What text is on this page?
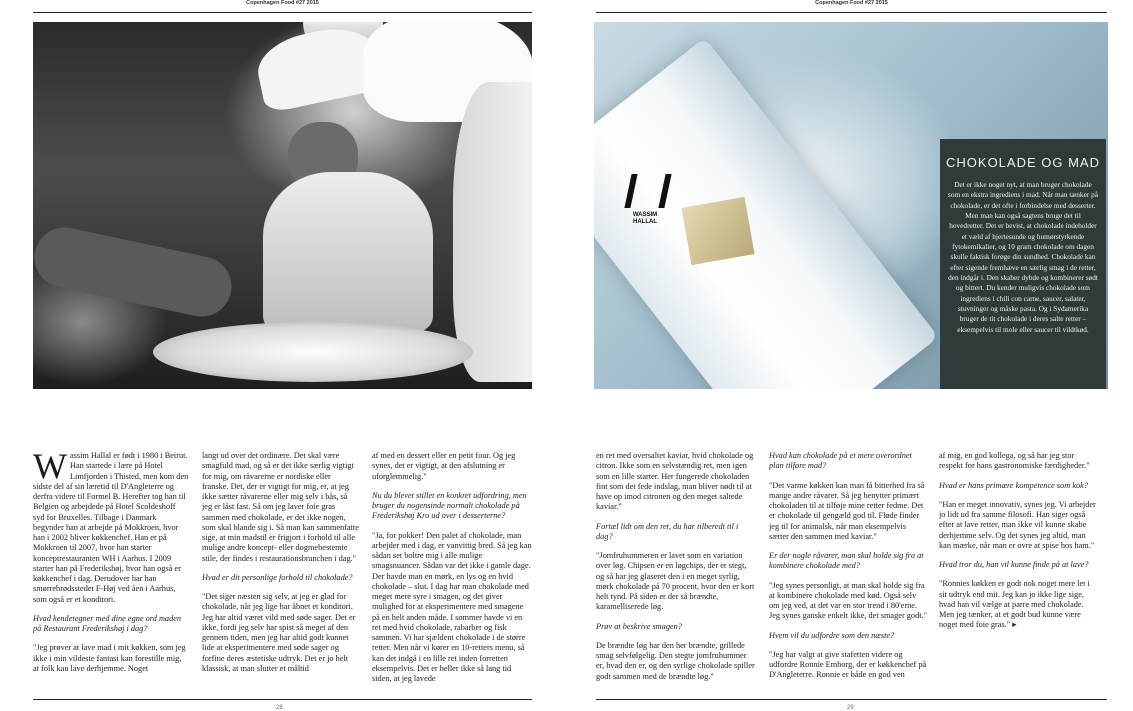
Copenhagen Food #27 2015

Wassim Hallal er født i 1980 i Beirut. Han startede i lære på Hotel Limfjorden i Thisted, men kom den sidste del af sin læretid til D'Angleterre og derfra videre til Formel B. Herefter tog han til Belgien og arbejdede på Hotel Scoldeshoff syd for Bruxelles. Tilbage i Danmark begynder han at arbejde på Mokkroen, hvor han i 2002 bliver køkkenchef. Han er på Mokkroen til 2007, hvor han starter konceptrestauranten WH i Aarhus. I 2009 starter han på Frederikshøj, hvor han også er køkkenchef i dag. Derudover har han smørrebrødsstedet F-Høj ved åen i Aarhus, som også er et konditori.

Hvad kendetegner med dine egne ord maden på Restaurant Frederikshøj i dag?

"Jeg prøver at lave mad i mit køkken, som jeg ikke i min vildeste fantasi kan forestille mig, at folk kan lave derhjemme. Noget

langt ud over det ordinære. Det skal være smagfuld mad, og så er det ikke særlig vigtigt for mig, om råvarerne er nordiske eller franske. Det, der er vigtigt for mig, er, at jeg ikke sætter råvarerne eller mig selv i bås, så jeg er låst fast. Så om jeg laver foie gras sammen med chokolade, er det ikke nogen, som skal blande sig i. Så man kan sammenfatte sige, at min madstil er frigjort i forhold til alle mulige andre koncept- eller dogmebestemte stile, der findes i restaurationsbranchen i dag."

Hvad er dit personlige forhold til chokolade?

"Det siger næsten sig selv, at jeg er glad for chokolade, når jeg lige har åbnet et konditori. Jeg har altid været vild med søde sager. Det er ikke, fordi jeg selv har spist så meget af den gennem tiden, men jeg har altid godt kunnet lide at eksperimentere med søde sager og forfine deres æstetiske udtryk. Det er jo helt klassisk, at man slutter et måltid

af med en dessert eller en petit four. Og jeg synes, det er vigtigt, at den afslutning er uforglemmelig."

Nu du blevet stillet en konkret udfordring, men bruger du nogensinde normalt chokolade på Frederikshøj Kro ud over i desserterne?

"Ja, for pokker! Den palet af chokolade, man arbejder med i dag, er vanvittig bred. Så jeg kan sådan set boltre mig i alle mulige smagsnuancer. Sådan var det ikke i gamle dage. Der havde man en mørk, en lys og en hvid chokolade – slut. I dag har man chokolade med meget mere syre i smagen, og det giver mulighed for at eksperimentere med smagene på en helt anden måde. I sommer havde vi en ret med hvid chokolade, rabarber og fisk sammen. Vi har sjældent chokolade i de større retter. Men når vi kører en 10-retters menu, så kan det indgå i en lille ret inden forretten eksempelvis. Det er heller ikke så lang tid siden, at jeg lavede

28
Copenhagen Food #27 2015
WASSIM HALLAL
CHOKOLADE OG MAD
Det er ikke noget nyt, at man bruger chokolade som en ekstra ingrediens i mad. Når man tænker på chokolade, er det ofte i forbindelse med desserter. Men man kan også sagtens bruge det til hovedretter. Det er bevist, at chokolade indeholder et væld af hjertesunde og humørstyrkende fytokemikalier, og 10 gram chokolade om dagen skulle faktisk forøge din sundhed. Chokolade kan efter sigende fremhæve en særlig smag i de retter, den indgår i. Den skaber dybde og kombinerer sødt og bittert. Du kender muligvis chokolade som ingrediens i chili con carne, saucer, salater, stuvninger og måske pasta. Og i Sydamerika bruger de tit chokolade i deres salte retter – eksempelvis til mole eller saucer til vildtkød.

en ret med oversaltet kaviar, hvid chokolade og citron. Ikke som en selvstændig ret, men igen som en lille starter. Her fungerede chokoladen fint som det fede indslag, man bliver nødt til at have op imod citronen og den meget saltede kaviar."

Fortæl lidt om den ret, du har tilberedt til i dag?

"Jomfruhummeren er lavet som en variation over løg. Chipsen er en løgchips, der er stegt, og så har jeg glaseret den i en meget syrlig, mørk chokolade på 70 procent, hvor den er kort helt tynd. På siden er der så brændte, karamelliserede løg.

Prøv at beskrive smagen?

De brændte løg har den her brændte, grillede smag selvfølgelig. Den stegte jomfruhummer er, hvad den er, og den syrlige chokolade spiller godt sammen med de brændte løg."

Hvad kan chokolade på et mere overordnet plan tilføre mad?

"Det varme køkken kan man få bitterhed fra så mange andre råvarer. Så jeg benytter primært chokoladen til at tilføje mine retter fedme. Det er chokolade til gengæld god til. Fløde finder jeg til for animalsk, når man eksempelvis sætter den sammen med kaviar."

Er der nogle råvarer, man skal holde sig fra at kombinere chokolade med?

"Jeg synes personligt, at man skal holde sig fra at kombinere chokolade med kød. Også selv om jeg ved, at det var en stor trend i 80'erne. Jeg synes ganske enkelt ikke, det smager godt."

Hvem vil du udfordre som den næste?

"Jeg har valgt at give stafetten videre og udfordre Ronnie Emborg, der er køkkenchef på D'Angleterre. Ronnie er både en god ven

af mig, en god kollega, og så har jeg stor respekt for hans gastronomiske færdigheder."

Hvad er hans primære kompetence som kok?

"Han er meget innovativ, synes jeg. Vi arbejder jo lidt ud fra samme filosofi. Han siger også efter at lave retter, man ikke vil kunne skabe derhjemme selv. Og det synes jeg altid, man kan mærke, når man er ovre at spise hos ham."

Hvad tror du, han vil kunne finde på at lave?

"Ronnies køkken er godt nok noget mere let i sit udtryk end mit. Jeg kan jo ikke lige sige, hvad han vil vælge at parre med chokolade. Men jeg tænker, at et godt bud kunne være noget med foie gras." ▸

29
